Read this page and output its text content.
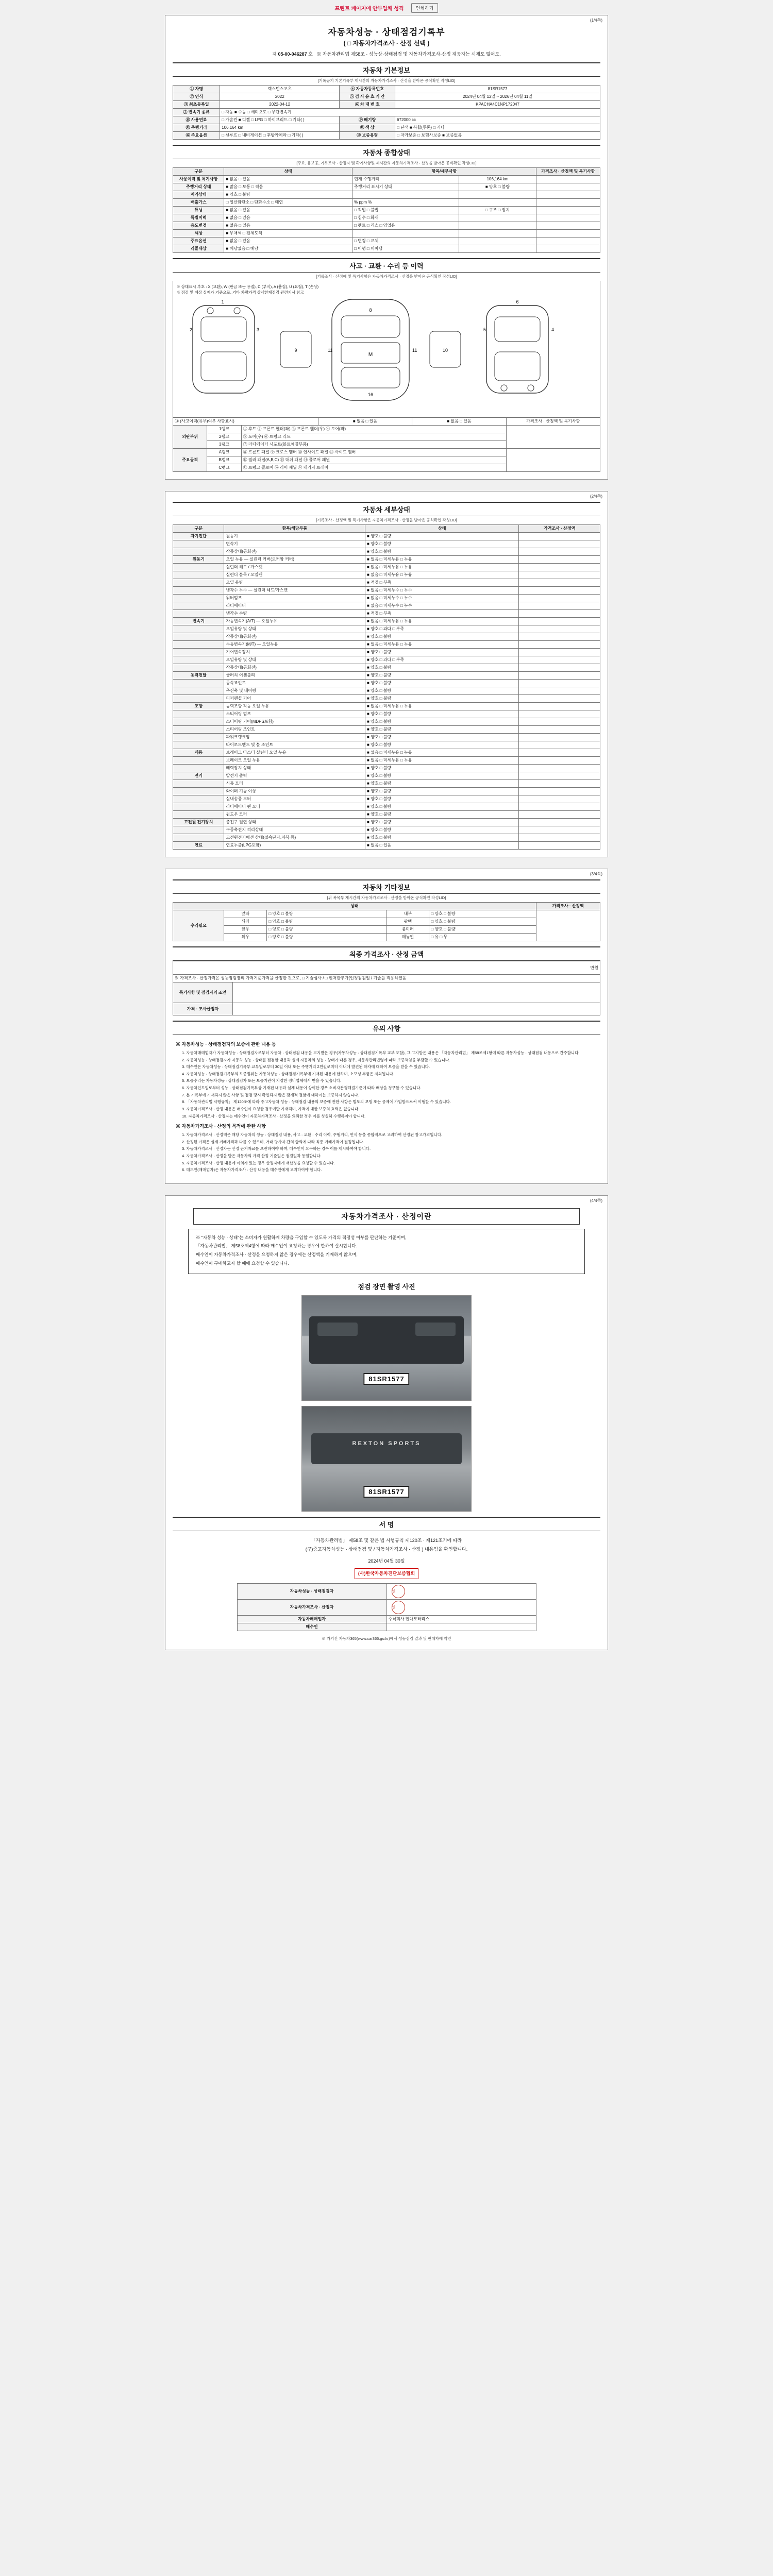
프린트 페이지에 안부입체 성격	인쇄하기
(1/4쪽)
자동차성능 · 상태점검기록부
( □ 자동차가격조사 · 산정 선택 )
제 05-00-046287 호 ※ 자동차관리법 제58조 · 성능상·상태점검 및 자동차가격조사·산정 제공자는 시제도 없어도.
자동차 기본정보
[기록공기 기본기록부 제시간의 자동차가격조사 · 산정을 받아온 공식확인 작성LID]
① 차명	렉스턴스포츠	④ 자동차등록번호	81SR1577
② 연식	2022	⑤ 검 사 유 효 기 간	2024년 04월 12일 ~ 2026년 04월 11일
③ 최초등록일	2022-04-12	⑥ 차 대 번 호	KPACHA4C1NP172047
⑦ 변속기 종류	□ 자동 ■ 수동 □ 세미오토 □ 무단변속기		
⑧ 사용연료	□ 가솔린 ■ 디젤 □ LPG □ 하이브리드 □ 기타( )	⑨ 배기량	672000 cc
⑩ 주행거리	106,164 km	⑪ 색 상	□ 단색 ■ 복합(투톤) □ 기타
⑫ 주요옵션	□ 선루프 □ 내비게이션 □ 후방카메라 □ 기타( )	⑬ 보증유형	□ 자가보증 □ 보험사보증 ■ 보증없음
자동차 종합상태
[주요, 유보공, 기록조사 · 산정자 및 확기사항및 제시간의 자동차가격조사 · 산정을 받아온 공식확인 작성LID]
구분	상태	항목/세부사항		가격조사 · 산정액 및 목기사항
사용이력 및 특기사항	■ 없음 □ 있음	현재 주행거리	106,164 km	
주행거리 상태	■ 많음 □ 보통 □ 적음	주행거리 표시기 상태	■ 양호 □ 불량	
계기상태	■ 양호 □ 불량			
배출가스	□ 일산화탄소 □ 탄화수소 □ 매연	% ppm %		
튜닝	■ 없음 □ 있음	□ 적법 □ 불법	□ 구조 □ 장치	
특별이력	■ 없음 □ 있음	□ 침수 □ 화재		
용도변경	■ 없음 □ 있음	□ 렌트 □ 리스 □ 영업용		
색상	■ 무채색 □ 전체도색			
주요옵션	■ 없음 □ 있음	□ 변경 □ 교체		
리콜대상	■ 해당없음 □ 해당	□ 이행 □ 미이행		
사고 · 교환 · 수리 등 이력
[기록조사 · 산정에 및 특기사항은 자동차가격조사 · 산정을 받아온 공식확인 작성LID]
※ 상태표시 부호 : X (교환), W (판금 또는 용접), C (부식), A (흠집), U (요철), T (손상)
※ 점검 및 예상 실제가 기준으로, 기타 차량가격 상세한계점검 관련기사 참고
1
2	3
M
8
16
11	11
6
5	4
9	10
⑭ (사고이력(유무)여부 사항표시)	■ 없음 □ 있음	■ 없음 □ 있음	가격조사 · 산정액 및 목기사항
외판부위	1랭크	① 후드 ② 프론트 휀더(좌) ③ 프론트 휀더(우) ④ 도어(좌)	
	2랭크	⑤ 도어(우) ⑥ 트렁크 리드	
	3랭크	⑦ 라디에이터 서포트(볼트체결부품)	
주요골격	A랭크	⑧ 프론트 패널 ⑨ 크로스 멤버 ⑩ 인사이드 패널 ⑪ 사이드 멤버	
	B랭크	⑫ 필러 패널(A,B,C) ⑬ 대쉬 패널 ⑭ 플로어 패널	
	C랭크	⑮ 트렁크 플로어 ⑯ 리어 패널 ⑰ 패키지 트레이	
(2/4쪽)
자동차 세부상태
[기록조사 · 산정액 및 특기사항은 자동차가격조사 · 산정을 받아온 공식확인 작성LID]
구분	항목/해당부품	상태	가격조사 · 산정액
자기진단	원동기	■ 양호 □ 불량	
	변속기	■ 양호 □ 불량	
	작동상태(공회전)	■ 양호 □ 불량	
원동기	오일 누유 — 실린더 커버(로커암 커버)	■ 없음 □ 미세누유 □ 누유	
	실린더 헤드 / 가스켓	■ 없음 □ 미세누유 □ 누유	
	실린더 블록 / 오일팬	■ 없음 □ 미세누유 □ 누유	
	오일 유량	■ 적정 □ 부족	
	냉각수 누수 — 실린더 헤드/가스켓	■ 없음 □ 미세누수 □ 누수	
	워터펌프	■ 없음 □ 미세누수 □ 누수	
	라디에이터	■ 없음 □ 미세누수 □ 누수	
	냉각수 수량	■ 적정 □ 부족	
변속기	자동변속기(A/T) — 오일누유	■ 없음 □ 미세누유 □ 누유	
	오일유량 및 상태	■ 양호 □ 과다 □ 부족	
	작동상태(공회전)	■ 양호 □ 불량	
	수동변속기(M/T) — 오일누유	■ 없음 □ 미세누유 □ 누유	
	기어변속장치	■ 양호 □ 불량	
	오일유량 및 상태	■ 양호 □ 과다 □ 부족	
	작동상태(공회전)	■ 양호 □ 불량	
동력전달	클러치 어셈블리	■ 양호 □ 불량	
	등속죠인트	■ 양호 □ 불량	
	추진축 및 베어링	■ 양호 □ 불량	
	디퍼렌셜 기어	■ 양호 □ 불량	
조향	동력조향 작동 오일 누유	■ 없음 □ 미세누유 □ 누유	
	스티어링 펌프	■ 양호 □ 불량	
	스티어링 기어(MDPS포함)	■ 양호 □ 불량	
	스티어링 조인트	■ 양호 □ 불량	
	파워크랭크암	■ 양호 □ 불량	
	타이로드엔드 및 볼 조인트	■ 양호 □ 불량	
제동	브레이크 마스터 실린더 오일 누유	■ 없음 □ 미세누유 □ 누유	
	브레이크 오일 누유	■ 없음 □ 미세누유 □ 누유	
	배력장치 상태	■ 양호 □ 불량	
전기	발전기 출력	■ 양호 □ 불량	
	시동 모터	■ 양호 □ 불량	
	와이퍼 기능 이상	■ 양호 □ 불량	
	실내송풍 모터	■ 양호 □ 불량	
	라디에이터 팬 모터	■ 양호 □ 불량	
	윈도우 모터	■ 양호 □ 불량	
고전원 전기장치	충전구 절연 상태	■ 양호 □ 불량	
	구동축전지 격리상태	■ 양호 □ 불량	
	고전원전기배선 상태(접속단자,피복 등)	■ 양호 □ 불량	
연료	연료누출(LPG포함)	■ 없음 □ 있음	
(3/4쪽)
자동차 기타정보
[위 복목부 제시간의 자동차가격조사 · 산정을 받아온 공식확인 작성LID]
상태					가격조사 · 산정액
수리필요	앞좌	□ 양호 □ 불량	내부	□ 양호 □ 불량	
	뒤좌	□ 양호 □ 불량	광택	□ 양호 □ 불량	
	앞우	□ 양호 □ 불량	룸미러	□ 양호 □ 불량	
	뒤우	□ 양호 □ 불량	매뉴얼	□ 유 □ 무	
최종 가격조사 · 산정 금액
만원
※ 가격조사 · 산정가격은 성능점검장의 가격기준가격을 산정한 것으로, □ 기술심사 / □ 현저한추가(인정점검일 / 기술을 적용하였음
특기사항 및 점검자의 조언	
가격 · 조사산정자	
유의 사항
※ 자동차성능 · 상태점검자의 보증에 관한 내용 등

1. 자동차매매업자가 자동차성능 · 상태점검자로부터 자동차 · 상태점검 내용을 고지받은 경우(자동차성능 · 상태점검기록부 교부 포함), 그 고지받은 내용은 「자동차관리법」 제58조제1항에 따른 자동차성능 · 상태점검 내용으로 간주합니다.

2. 자동차성능 · 상태점검자가 자동차 성능 · 상태를 점검한 내용과 실제 자동차의 성능 · 상태가 다른 경우, 자동차관리법령에 따라 보증책임을 부담할 수 있습니다.

3. 매수인은 자동차성능 · 상태점검기록부 교부일로부터 30일 이내 또는 주행거리 2천킬로미터 이내에 발견된 하자에 대하여 보증을 받을 수 있습니다.

4. 자동차성능 · 상태점검기록부의 보증범위는 자동차성능 · 상태점검기록부에 기재된 내용에 한하며, 소모성 부품은 제외됩니다.

5. 보증수리는 자동차성능 · 상태점검자 또는 보증기관이 지정한 정비업체에서 받을 수 있습니다.

6. 자동차인도일로부터 성능 · 상태점검기록부상 기재된 내용과 실제 내용이 상이한 경우 소비자분쟁해결기준에 따라 배상을 청구할 수 있습니다.

7. 본 기록부에 기재되지 않은 사항 및 점검 당시 확인되지 않은 잠재적 결함에 대하여는 보증하지 않습니다.

8. 「자동차관리법 시행규칙」 제120조에 따라 중고자동차 성능 · 상태점검 내용의 보증에 관한 사항은 별도의 보험 또는 공제에 가입함으로써 이행할 수 있습니다.

9. 자동차가격조사 · 산정 내용은 매수인이 요청한 경우에만 기재되며, 가격에 대한 보증의 효력은 없습니다.

10. 자동차가격조사 · 산정자는 매수인이 자동차가격조사 · 산정을 의뢰한 경우 이를 성실히 수행하여야 합니다.

※ 자동차가격조사 · 산정의 목적에 관한 사항

1. 자동차가격조사 · 산정액은 해당 자동차의 성능 · 상태점검 내용, 사고 · 교환 · 수리 이력, 주행거리, 연식 등을 종합적으로 고려하여 산정된 참고가격입니다.

2. 산정된 가격은 실제 거래가격과 다를 수 있으며, 거래 당사자 간의 합의에 따라 최종 거래가격이 결정됩니다.

3. 자동차가격조사 · 산정자는 산정 근거자료를 보관하여야 하며, 매수인이 요구하는 경우 이를 제시하여야 합니다.

4. 자동차가격조사 · 산정을 받은 자동차의 가격 산정 기준일은 점검일과 동일합니다.

5. 자동차가격조사 · 산정 내용에 이의가 있는 경우 산정자에게 재산정을 요청할 수 있습니다.

6. 매도인(매매업자)은 자동차가격조사 · 산정 내용을 매수인에게 고지하여야 합니다.

(4/4쪽)
자동차가격조사 · 산정이란

※ "자동차 성능 · 상태"는 소비자가 원활하게 차량을 구입할 수 있도록 가격의 적정성 여부를 판단하는 기준이며,

「자동차관리법」 제58조제4항에 따라 매수인이 요청하는 경우에 한하여 실시합니다.

매수인이 자동차가격조사 · 산정을 요청하지 않은 경우에는 산정액을 기재하지 않으며,

매수인이 구매하고자 할 때에 요청할 수 있습니다.

점검 장면 촬영 사진
81SR1577
REXTON SPORTS
81SR1577
서 명
「자동차관리법」 제58조 및 같은 법 시행규칙 제120조 · 제121조기에 따라
(구)중고자동차성능 · 상태점검 및 / 자동차가격조사 · 산정 ) 내용임을 확인합니다.
2024년 04월 30일
(사)한국자동차진단보증협회
자동차성능 · 상태점검자	인
자동차가격조사 · 산정자	인
자동차매매업자	주식회사 현대모터리스
매수인	
※ 가기간 자동차365(www.car365.go.kr)에서 성능점검 결과 및 판매자에 약인
